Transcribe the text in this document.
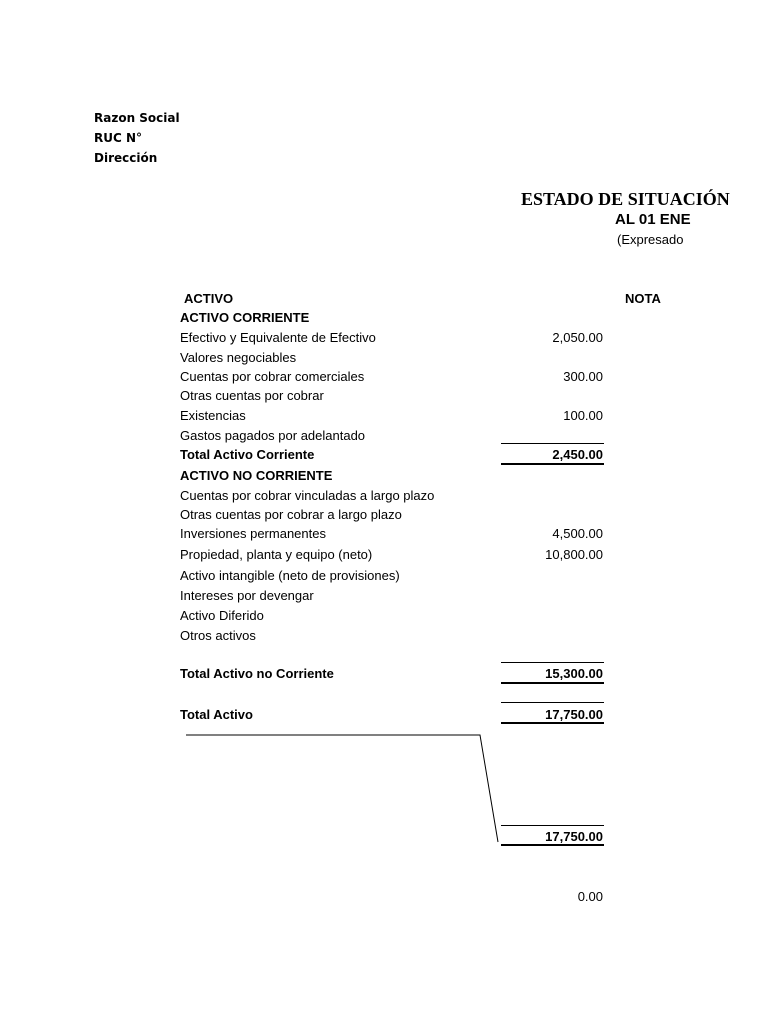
Razon Social
RUC N°
Dirección
ESTADO DE SITUACIÓN
AL 01 ENE
(Expresado
ACTIVO	NOTA
ACTIVO CORRIENTE
Efectivo y Equivalente de Efectivo	2,050.00
Valores negociables
Cuentas por cobrar comerciales	300.00
Otras cuentas por cobrar
Existencias	100.00
Gastos pagados por adelantado
Total Activo Corriente	2,450.00
ACTIVO NO CORRIENTE
Cuentas por cobrar vinculadas a largo plazo
Otras cuentas por cobrar a largo plazo
Inversiones permanentes	4,500.00
Propiedad, planta y equipo (neto)	10,800.00
Activo intangible (neto de provisiones)
Intereses por devengar
Activo Diferido
Otros activos
Total Activo no Corriente	15,300.00
Total Activo	17,750.00
17,750.00
0.00
